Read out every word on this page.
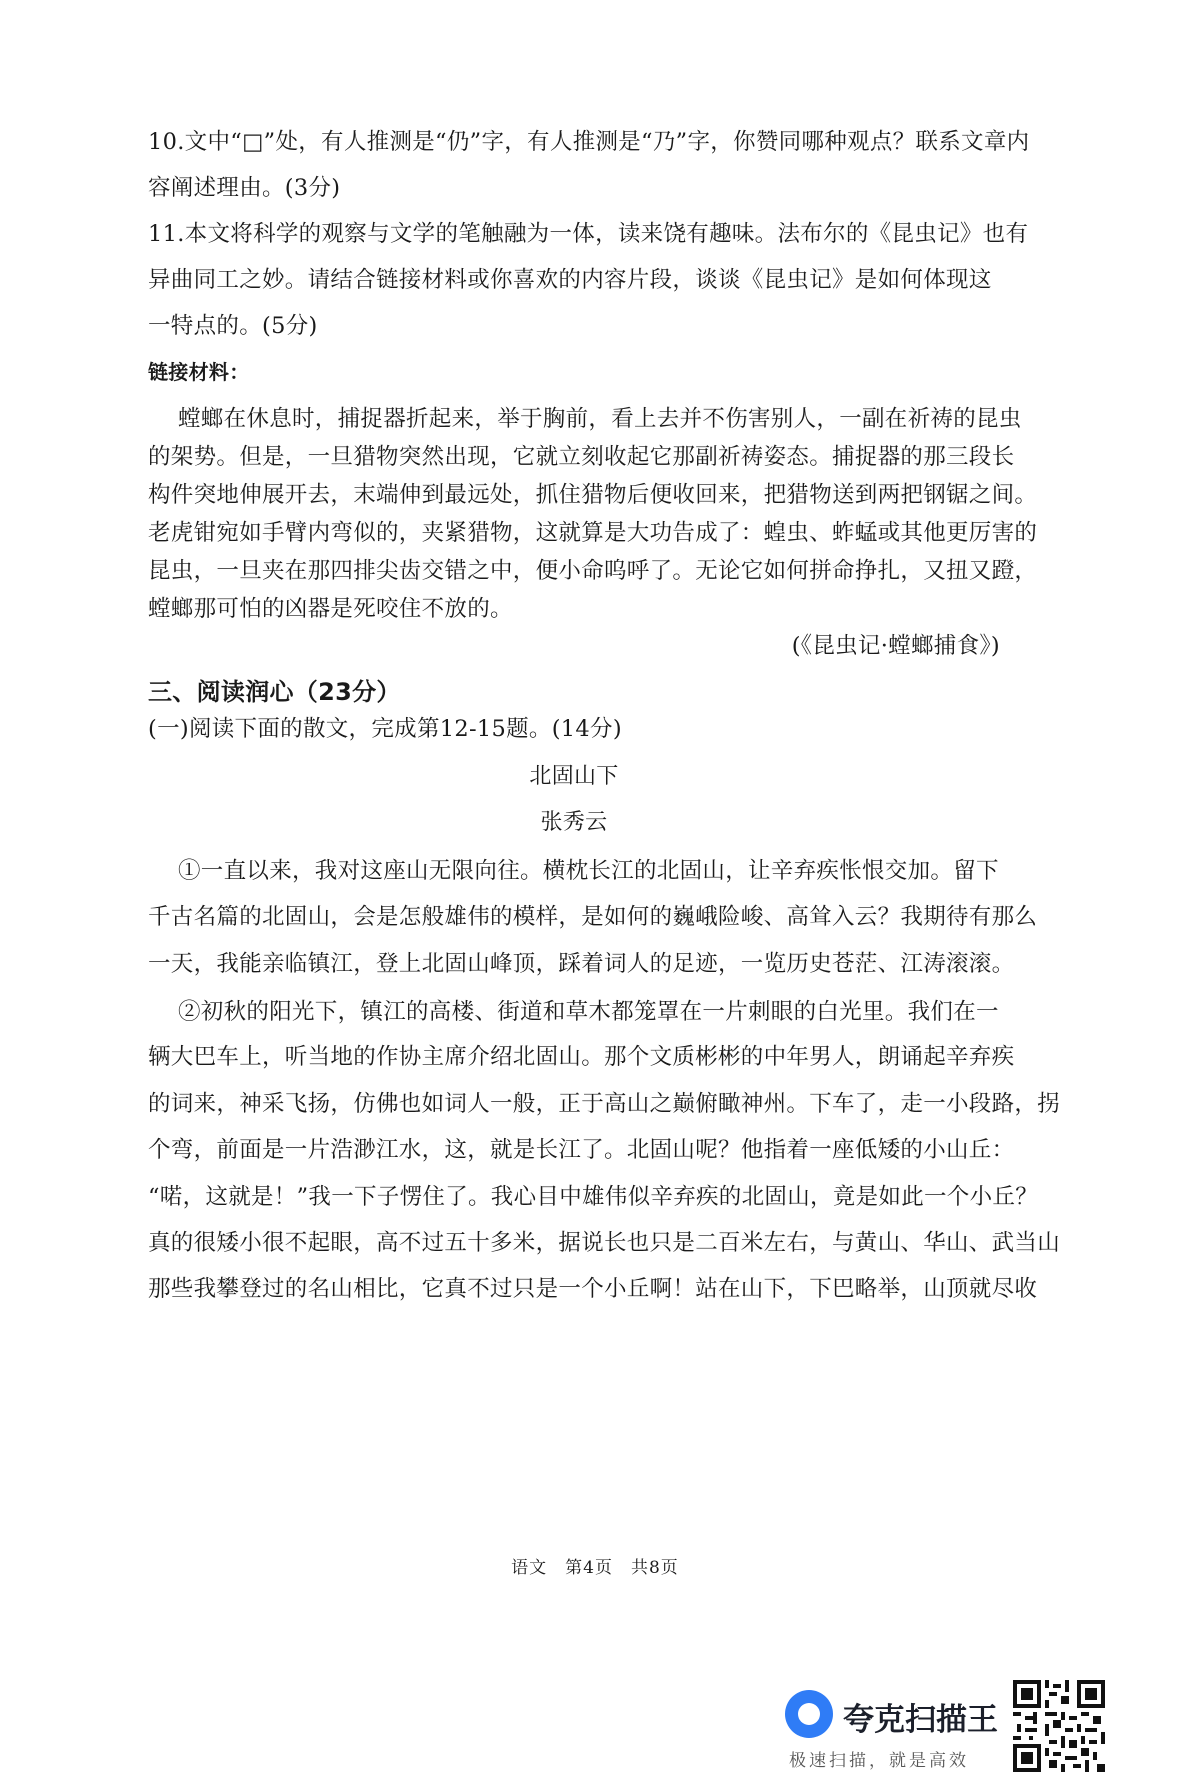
10.文中“□”处，有人推测是“仍”字，有人推测是“乃”字，你赞同哪种观点？联系文章内
容阐述理由。(3分)
11.本文将科学的观察与文学的笔触融为一体，读来饶有趣味。法布尔的《昆虫记》也有
异曲同工之妙。请结合链接材料或你喜欢的内容片段，谈谈《昆虫记》是如何体现这
一特点的。(5分)
链接材料：
螳螂在休息时，捕捉器折起来，举于胸前，看上去并不伤害别人，一副在祈祷的昆虫
的架势。但是，一旦猎物突然出现，它就立刻收起它那副祈祷姿态。捕捉器的那三段长
构件突地伸展开去，末端伸到最远处，抓住猎物后便收回来，把猎物送到两把钢锯之间。
老虎钳宛如手臂内弯似的，夹紧猎物，这就算是大功告成了：蝗虫、蚱蜢或其他更厉害的
昆虫，一旦夹在那四排尖齿交错之中，便小命呜呼了。无论它如何拼命挣扎，又扭又蹬，
螳螂那可怕的凶器是死咬住不放的。
(《昆虫记·螳螂捕食》)
三、阅读润心（23分）
(一)阅读下面的散文，完成第12-15题。(14分)
北固山下
张秀云
①一直以来，我对这座山无限向往。横枕长江的北固山，让辛弃疾怅恨交加。留下
千古名篇的北固山，会是怎般雄伟的模样，是如何的巍峨险峻、高耸入云？我期待有那么
一天，我能亲临镇江，登上北固山峰顶，踩着词人的足迹，一览历史苍茫、江涛滚滚。
②初秋的阳光下，镇江的高楼、街道和草木都笼罩在一片刺眼的白光里。我们在一
辆大巴车上，听当地的作协主席介绍北固山。那个文质彬彬的中年男人，朗诵起辛弃疾
的词来，神采飞扬，仿佛也如词人一般，正于高山之巅俯瞰神州。下车了，走一小段路，拐
个弯，前面是一片浩渺江水，这，就是长江了。北固山呢？他指着一座低矮的小山丘：
“喏，这就是！”我一下子愣住了。我心目中雄伟似辛弃疾的北固山，竟是如此一个小丘？
真的很矮小很不起眼，高不过五十多米，据说长也只是二百米左右，与黄山、华山、武当山
那些我攀登过的名山相比，它真不过只是一个小丘啊！站在山下，下巴略举，山顶就尽收
语文　第4页　共8页
夸克扫描王
极速扫描，就是高效
